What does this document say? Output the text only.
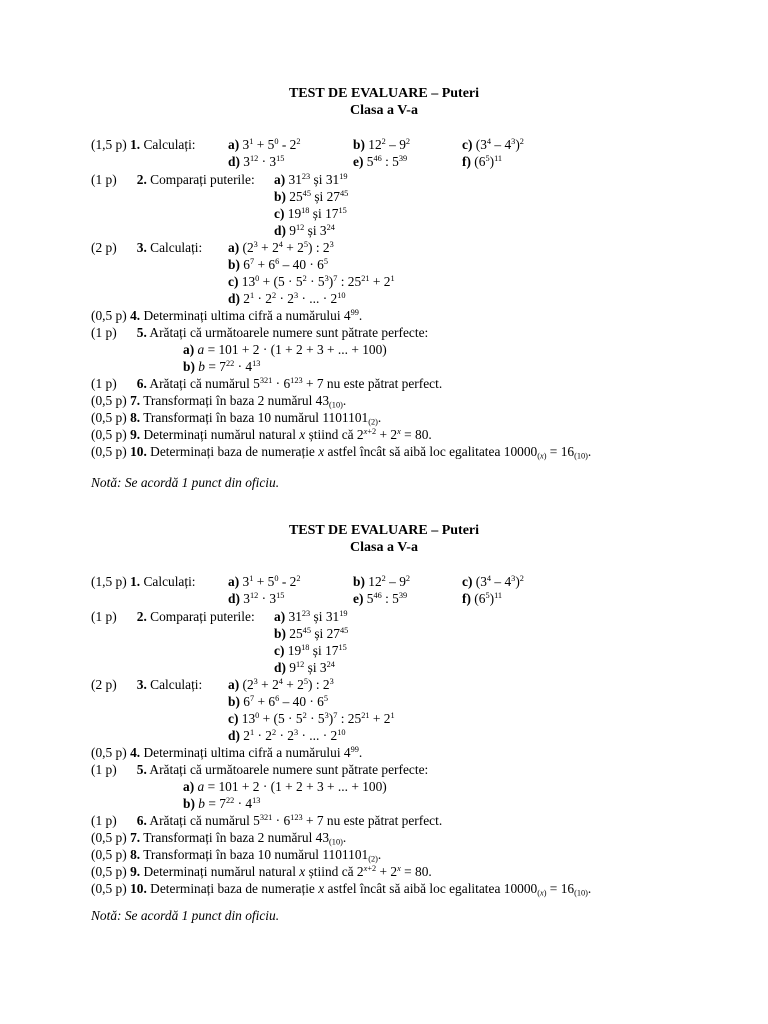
TEST DE EVALUARE – Puteri
Clasa a V-a
(1,5 p) 1. Calculați: a) $3^1 + 5^0 - 2^2$	b) $12^2 - 9^2$	c) $(3^4 - 4^3)^2$
d) $3^{12} \cdot 3^{15}$	e) $5^{46}$ : $5^{39}$	f) $(6^5)^{11}$
(1 p) 2. Comparați puterile: a) $31^{23}$ și $31^{19}$
b) $25^{45}$ și $27^{45}$
c) $19^{18}$ și $17^{15}$
d) $9^{12}$ și $3^{24}$
(2 p) 3. Calculați: a) $(2^3 + 2^4 + 2^5)$ : $2^3$
b) $6^7 + 6^6 - 40 \cdot 6^5$
c) $13^0 + (5 \cdot 5^2 \cdot 5^3)^7$ : $25^{21} + 2^1$
d) $2^1 \cdot 2^2 \cdot 2^3$ · ... · $2^{10}$
(0,5 p) 4. Determinați ultima cifră a numărului $4^{99}$.
(1 p) 5. Arătați că următoarele numere sunt pătrate perfecte:
a) a = 101 + 2 · (1 + 2 + 3 + ... + 100)
b) $b = 7^{22} \cdot 4^{13}$
(1 p) 6. Arătați că numărul $5^{321} \cdot 6^{123} + 7$ nu este pătrat perfect.
(0,5 p) 7. Transformați în baza 2 numărul $43_{(10)}$.
(0,5 p) 8. Transformați în baza 10 numărul $1101101_{(2)}$.
(0,5 p) 9. Determinați numărul natural x știind că $2^{x+2} + 2^x = 80$.
(0,5 p) 10. Determinați baza de numerație x astfel încât să aibă loc egalitatea $10000_{(x)} = 16_{(10)}$.
Notă: Se acordă 1 punct din oficiu.
TEST DE EVALUARE – Puteri
Clasa a V-a
(1,5 p) 1. Calculați: a) $3^1 + 5^0 - 2^2$	b) $12^2 - 9^2$	c) $(3^4 - 4^3)^2$
d) $3^{12} \cdot 3^{15}$	e) $5^{46}$ : $5^{39}$	f) $(6^5)^{11}$
(1 p) 2. Comparați puterile: a) $31^{23}$ și $31^{19}$
b) $25^{45}$ și $27^{45}$
c) $19^{18}$ și $17^{15}$
d) $9^{12}$ și $3^{24}$
(2 p) 3. Calculați: a) $(2^3 + 2^4 + 2^5)$ : $2^3$
b) $6^7 + 6^6 - 40 \cdot 6^5$
c) $13^0 + (5 \cdot 5^2 \cdot 5^3)^7$ : $25^{21} + 2^1$
d) $2^1 \cdot 2^2 \cdot 2^3$ · ... · $2^{10}$
(0,5 p) 4. Determinați ultima cifră a numărului $4^{99}$.
(1 p) 5. Arătați că următoarele numere sunt pătrate perfecte:
a) a = 101 + 2 · (1 + 2 + 3 + ... + 100)
b) $b = 7^{22} \cdot 4^{13}$
(1 p) 6. Arătați că numărul $5^{321} \cdot 6^{123} + 7$ nu este pătrat perfect.
(0,5 p) 7. Transformați în baza 2 numărul $43_{(10)}$.
(0,5 p) 8. Transformați în baza 10 numărul $1101101_{(2)}$.
(0,5 p) 9. Determinați numărul natural x știind că $2^{x+2} + 2^x = 80$.
(0,5 p) 10. Determinați baza de numerație x astfel încât să aibă loc egalitatea $10000_{(x)} = 16_{(10)}$.
Notă: Se acordă 1 punct din oficiu.
